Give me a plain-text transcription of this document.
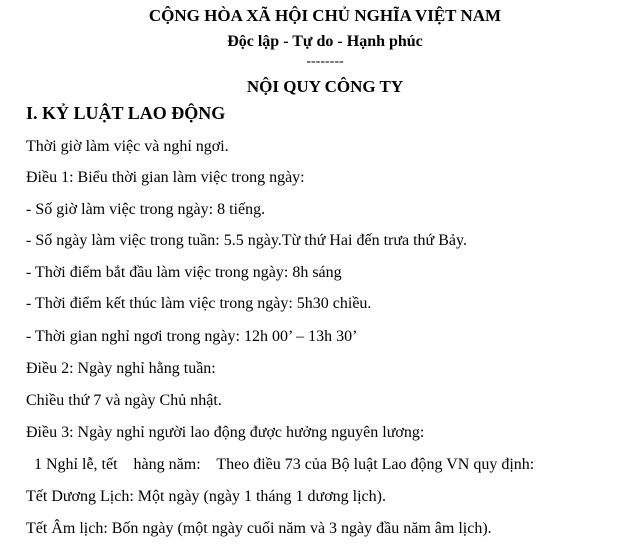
CỘNG HÒA XÃ HỘI CHỦ NGHĨA VIỆT NAM
Độc lập - Tự do - Hạnh phúc
--------
NỘI QUY CÔNG TY
I. KỶ LUẬT LAO ĐỘNG
Thời giờ làm việc và nghỉ ngơi.
Điều 1: Biểu thời gian làm việc trong ngày:
- Số giờ làm việc trong ngày: 8 tiếng.
- Số ngày làm việc trong tuần: 5.5 ngày.Từ thứ Hai đến trưa thứ Bảy.
- Thời điểm bắt đầu làm việc trong ngày: 8h sáng
- Thời điểm kết thúc làm việc trong ngày: 5h30 chiều.
- Thời gian nghỉ ngơi trong ngày: 12h 00’ – 13h 30’
Điều 2: Ngày nghỉ hằng tuần:
Chiều thứ 7 và ngày Chủ nhật.
Điều 3: Ngày nghỉ người lao động được hưởng nguyên lương:
1 Nghỉ lễ, tết    hàng năm:    Theo điều 73 của Bộ luật Lao động VN quy định:
Tết Dương Lịch: Một ngày (ngày 1 tháng 1 dương lịch).
Tết Âm lịch: Bốn ngày (một ngày cuối năm và 3 ngày đầu năm âm lịch).
